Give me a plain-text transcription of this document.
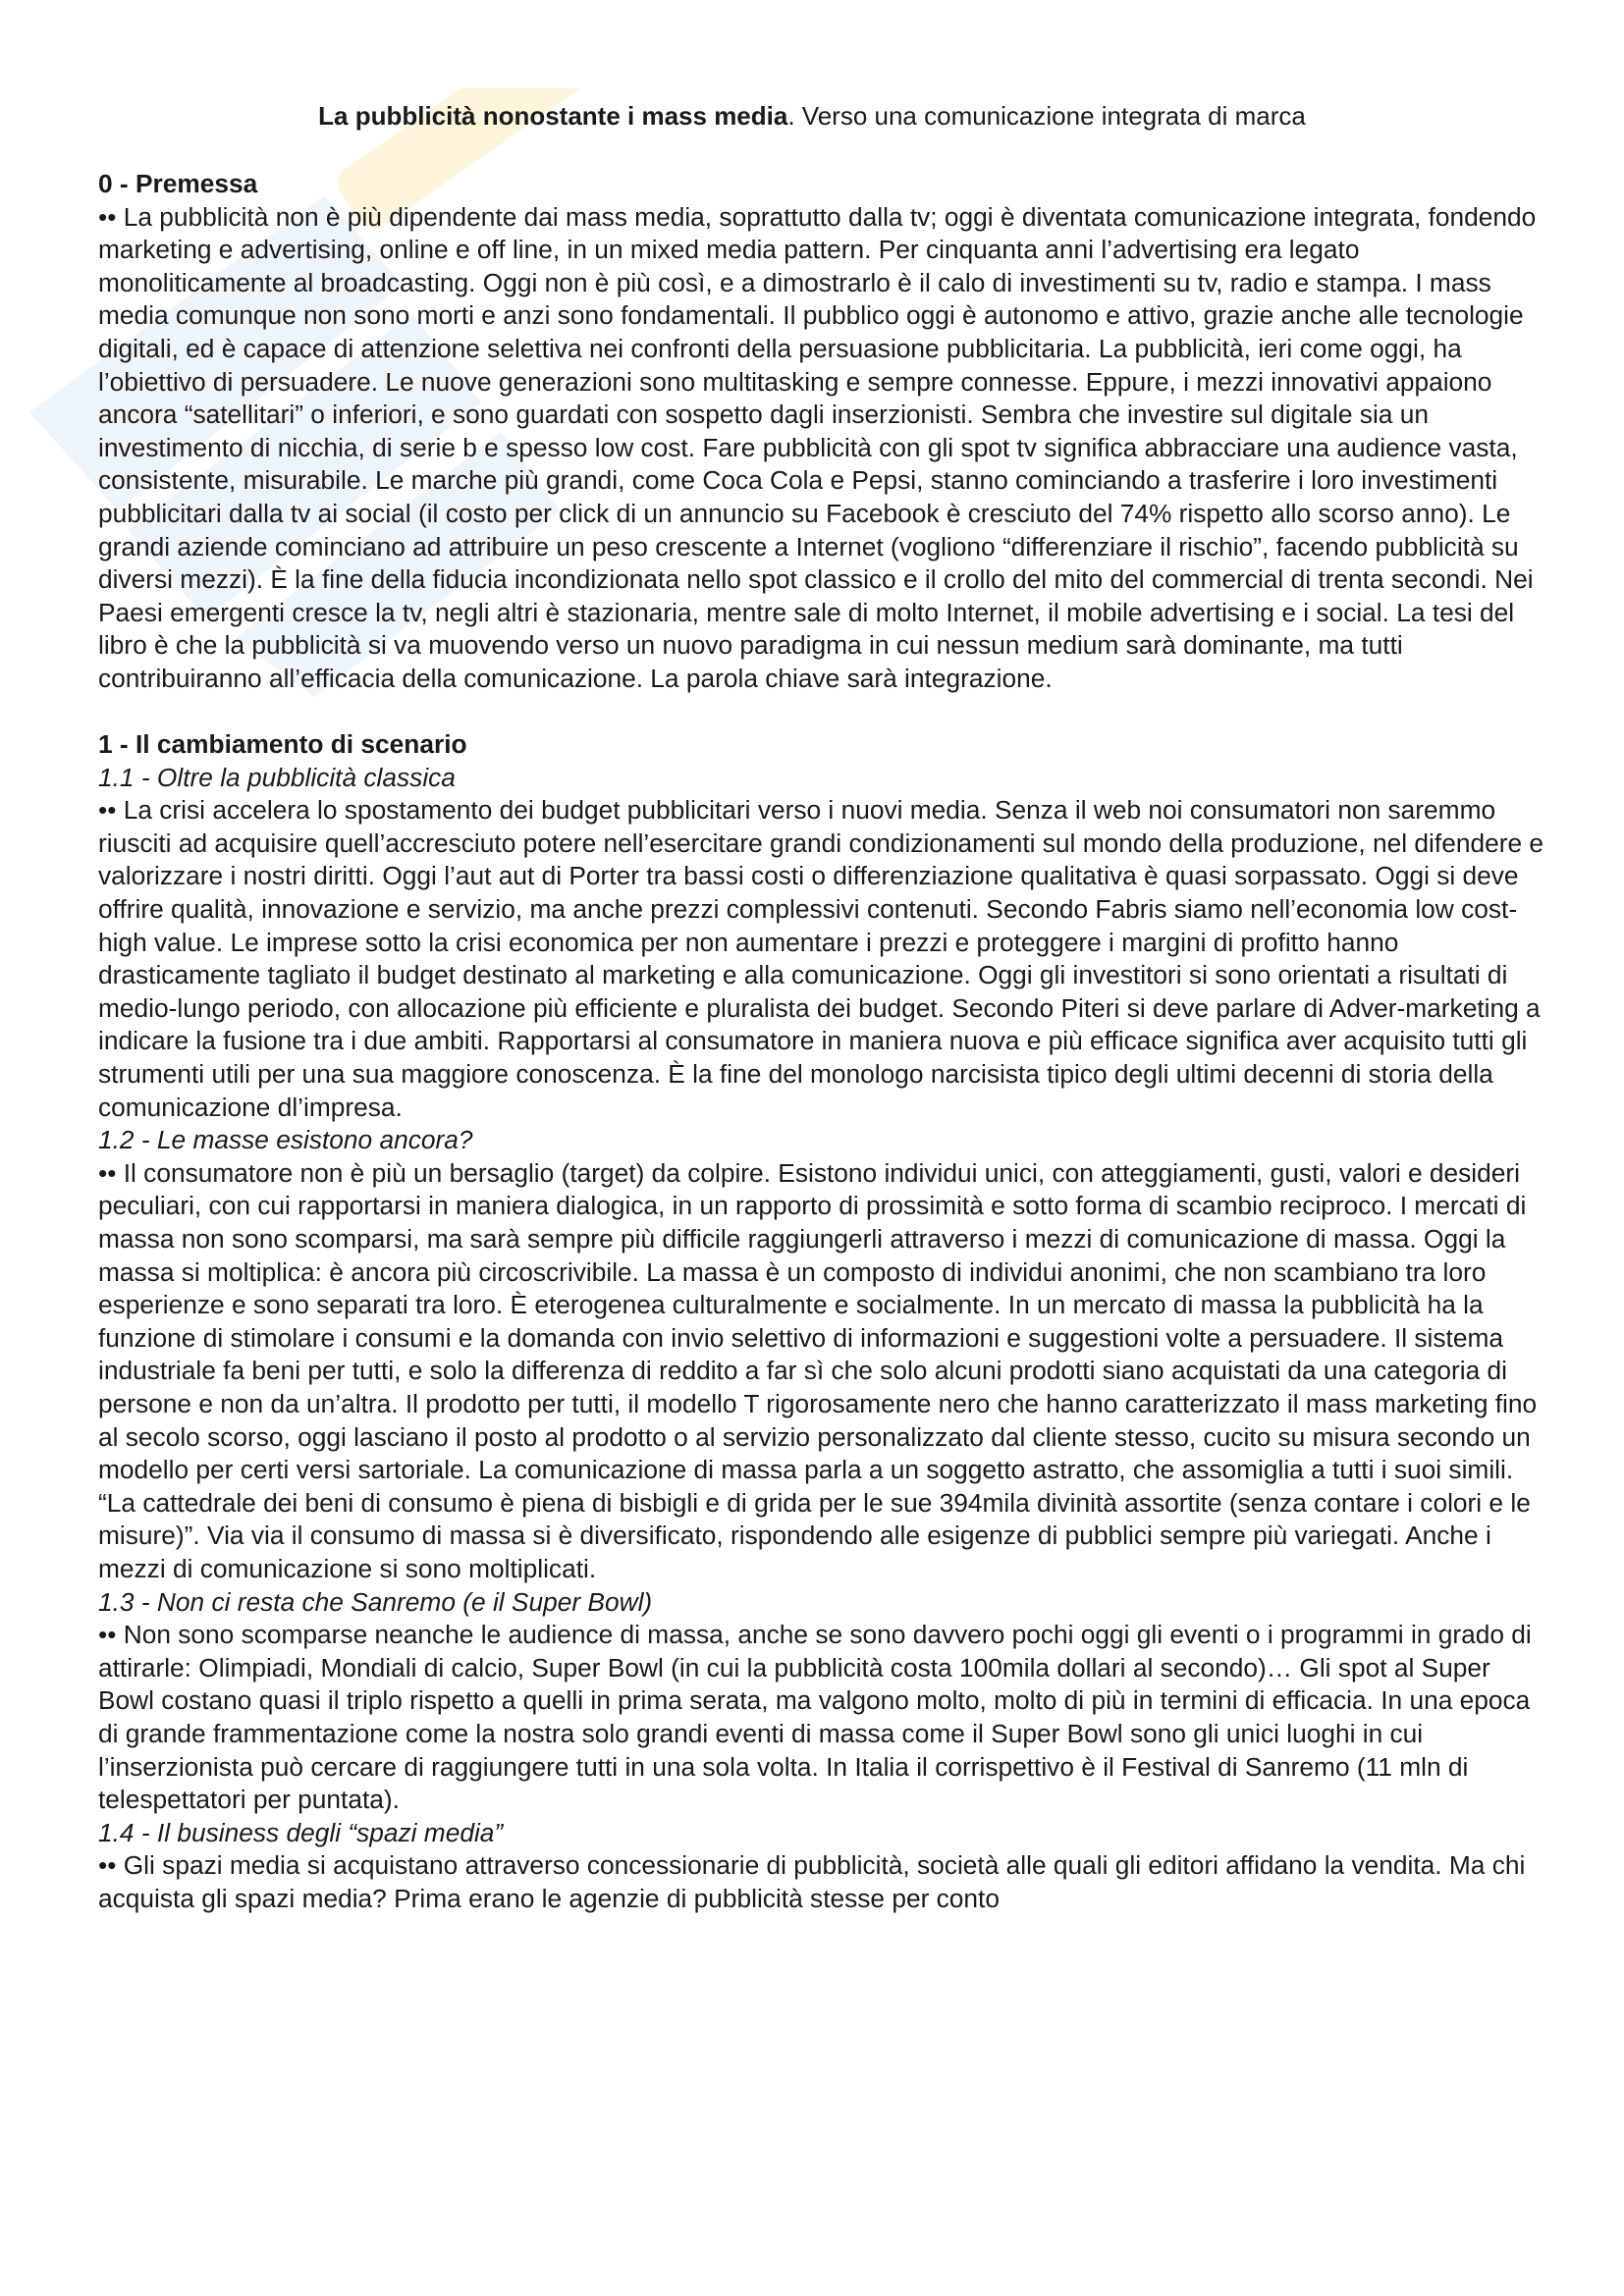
La pubblicità nonostante i mass media. Verso una comunicazione integrata di marca
0 - Premessa

•• La pubblicità non è più dipendente dai mass media, soprattutto dalla tv; oggi è diventata comunicazione integrata, fondendo marketing e advertising, online e off line, in un mixed media pattern. Per cinquanta anni l’advertising era legato monoliticamente al broadcasting. Oggi non è più così, e a dimostrarlo è il calo di investimenti su tv, radio e stampa. I mass media comunque non sono morti e anzi sono fondamentali. Il pubblico oggi è autonomo e attivo, grazie anche alle tecnologie digitali, ed è capace di attenzione selettiva nei confronti della persuasione pubblicitaria. La pubblicità, ieri come oggi, ha l’obiettivo di persuadere. Le nuove generazioni sono multitasking e sempre connesse. Eppure, i mezzi innovativi appaiono ancora “satellitari” o inferiori, e sono guardati con sospetto dagli inserzionisti. Sembra che investire sul digitale sia un investimento di nicchia, di serie b e spesso low cost. Fare pubblicità con gli spot tv significa abbracciare una audience vasta, consistente, misurabile. Le marche più grandi, come Coca Cola e Pepsi, stanno cominciando a trasferire i loro investimenti pubblicitari dalla tv ai social (il costo per click di un annuncio su Facebook è cresciuto del 74% rispetto allo scorso anno). Le grandi aziende cominciano ad attribuire un peso crescente a Internet (vogliono “differenziare il rischio”, facendo pubblicità su diversi mezzi). È la fine della fiducia incondizionata nello spot classico e il crollo del mito del commercial di trenta secondi. Nei Paesi emergenti cresce la tv, negli altri è stazionaria, mentre sale di molto Internet, il mobile advertising e i social. La tesi del libro è che la pubblicità si va muovendo verso un nuovo paradigma in cui nessun medium sarà dominante, ma tutti contribuiranno all’efficacia della comunicazione. La parola chiave sarà integrazione.

1 - Il cambiamento di scenario
1.1 - Oltre la pubblicità classica

•• La crisi accelera lo spostamento dei budget pubblicitari verso i nuovi media. Senza il web noi consumatori non saremmo riusciti ad acquisire quell’accresciuto potere nell’esercitare grandi condizionamenti sul mondo della produzione, nel difendere e valorizzare i nostri diritti. Oggi l’aut aut di Porter tra bassi costi o differenziazione qualitativa è quasi sorpassato. Oggi si deve offrire qualità, innovazione e servizio, ma anche prezzi complessivi contenuti. Secondo Fabris siamo nell’economia low cost-high value. Le imprese sotto la crisi economica per non aumentare i prezzi e proteggere i margini di profitto hanno drasticamente tagliato il budget destinato al marketing e alla comunicazione. Oggi gli investitori si sono orientati a risultati di medio-lungo periodo, con allocazione più efficiente e pluralista dei budget. Secondo Piteri si deve parlare di Adver-marketing a indicare la fusione tra i due ambiti. Rapportarsi al consumatore in maniera nuova e più efficace significa aver acquisito tutti gli strumenti utili per una sua maggiore conoscenza. È la fine del monologo narcisista tipico degli ultimi decenni di storia della comunicazione dl’impresa.

1.2 - Le masse esistono ancora?

•• Il consumatore non è più un bersaglio (target) da colpire. Esistono individui unici, con atteggiamenti, gusti, valori e desideri peculiari, con cui rapportarsi in maniera dialogica, in un rapporto di prossimità e sotto forma di scambio reciproco. I mercati di massa non sono scomparsi, ma sarà sempre più difficile raggiungerli attraverso i mezzi di comunicazione di massa. Oggi la massa si moltiplica: è ancora più circoscrivibile. La massa è un composto di individui anonimi, che non scambiano tra loro esperienze e sono separati tra loro. È eterogenea culturalmente e socialmente. In un mercato di massa la pubblicità ha la funzione di stimolare i consumi e la domanda con invio selettivo di informazioni e suggestioni volte a persuadere. Il sistema industriale fa beni per tutti, e solo la differenza di reddito a far sì che solo alcuni prodotti siano acquistati da una categoria di persone e non da un’altra. Il prodotto per tutti, il modello T rigorosamente nero che hanno caratterizzato il mass marketing fino al secolo scorso, oggi lasciano il posto al prodotto o al servizio personalizzato dal cliente stesso, cucito su misura secondo un modello per certi versi sartoriale. La comunicazione di massa parla a un soggetto astratto, che assomiglia a tutti i suoi simili. “La cattedrale dei beni di consumo è piena di bisbigli e di grida per le sue 394mila divinità assortite (senza contare i colori e le misure)”. Via via il consumo di massa si è diversificato, rispondendo alle esigenze di pubblici sempre più variegati. Anche i mezzi di comunicazione si sono moltiplicati.

1.3 - Non ci resta che Sanremo (e il Super Bowl)

•• Non sono scomparse neanche le audience di massa, anche se sono davvero pochi oggi gli eventi o i programmi in grado di attirarle: Olimpiadi, Mondiali di calcio, Super Bowl (in cui la pubblicità costa 100mila dollari al secondo)… Gli spot al Super Bowl costano quasi il triplo rispetto a quelli in prima serata, ma valgono molto, molto di più in termini di efficacia. In una epoca di grande frammentazione come la nostra solo grandi eventi di massa come il Super Bowl sono gli unici luoghi in cui l’inserzionista può cercare di raggiungere tutti in una sola volta. In Italia il corrispettivo è il Festival di Sanremo (11 mln di telespettatori per puntata).

1.4 - Il business degli “spazi media”

•• Gli spazi media si acquistano attraverso concessionarie di pubblicità, società alle quali gli editori affidano la vendita. Ma chi acquista gli spazi media? Prima erano le agenzie di pubblicità stesse per conto
